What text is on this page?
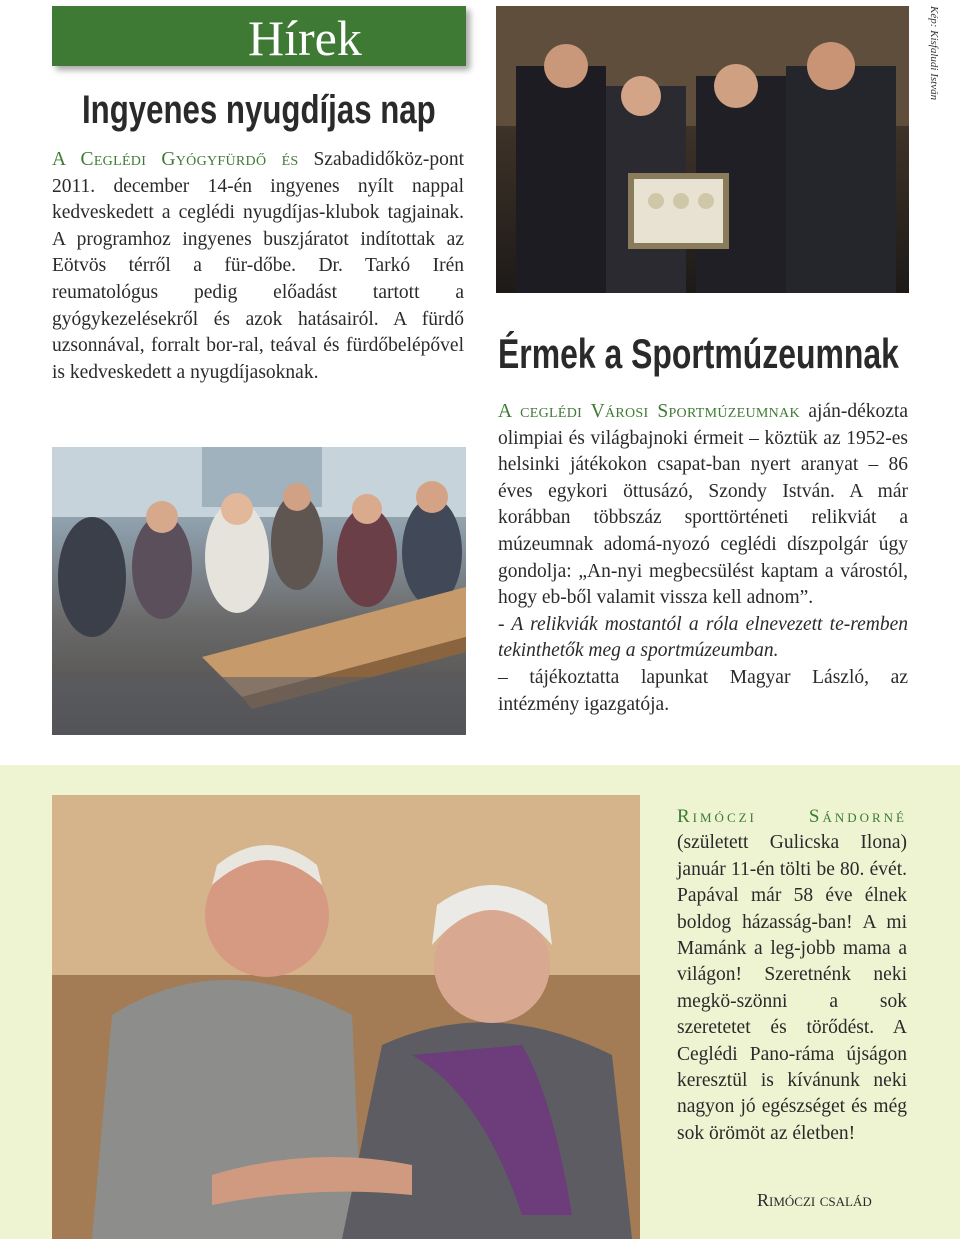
Hírek
Ingyenes nyugdíjas nap
A Ceglédi Gyógyfürdő és Szabadidőköz-pont 2011. december 14-én ingyenes nyílt nappal kedveskedett a ceglédi nyugdíjas-klubok tagjainak. A programhoz ingyenes buszjáratot indítottak az Eötvös térről a für-dőbe. Dr. Tarkó Irén reumatológus pedig előadást tartott a gyógykezelésekről és azok hatásairól. A fürdő uzsonnával, forralt bor-ral, teával és fürdőbelépővel is kedveskedett a nyugdíjasoknak.
Kép: Kisfaludi István
Érmek a Sportmúzeumnak
A ceglédi Városi Sportmúzeumnak aján-dékozta olimpiai és világbajnoki érmeit – köztük az 1952-es helsinki játékokon csapat-ban nyert aranyat – 86 éves egykori öttusázó, Szondy István. A már korábban többszáz sporttörténeti relikviát a múzeumnak adomá-nyozó ceglédi díszpolgár úgy gondolja: „An-nyi megbecsülést kaptam a várostól, hogy eb-ből valamit vissza kell adnom”.
- A relikviák mostantól a róla elnevezett te-remben tekinthetők meg a sportmúzeumban.
– tájékoztatta lapunkat Magyar László, az intézmény igazgatója.
Rimóczi Sándorné (született Gulicska Ilona) január 11-én tölti be 80. évét. Papával már 58 éve élnek boldog házasság-ban! A mi Mamánk a leg-jobb mama a világon! Szeretnénk neki megkö-szönni a sok szeretetet és törődést. A Ceglédi Pano-ráma újságon keresztül is kívánunk neki nagyon jó egészséget és még sok örömöt az életben!
Rimóczi család
